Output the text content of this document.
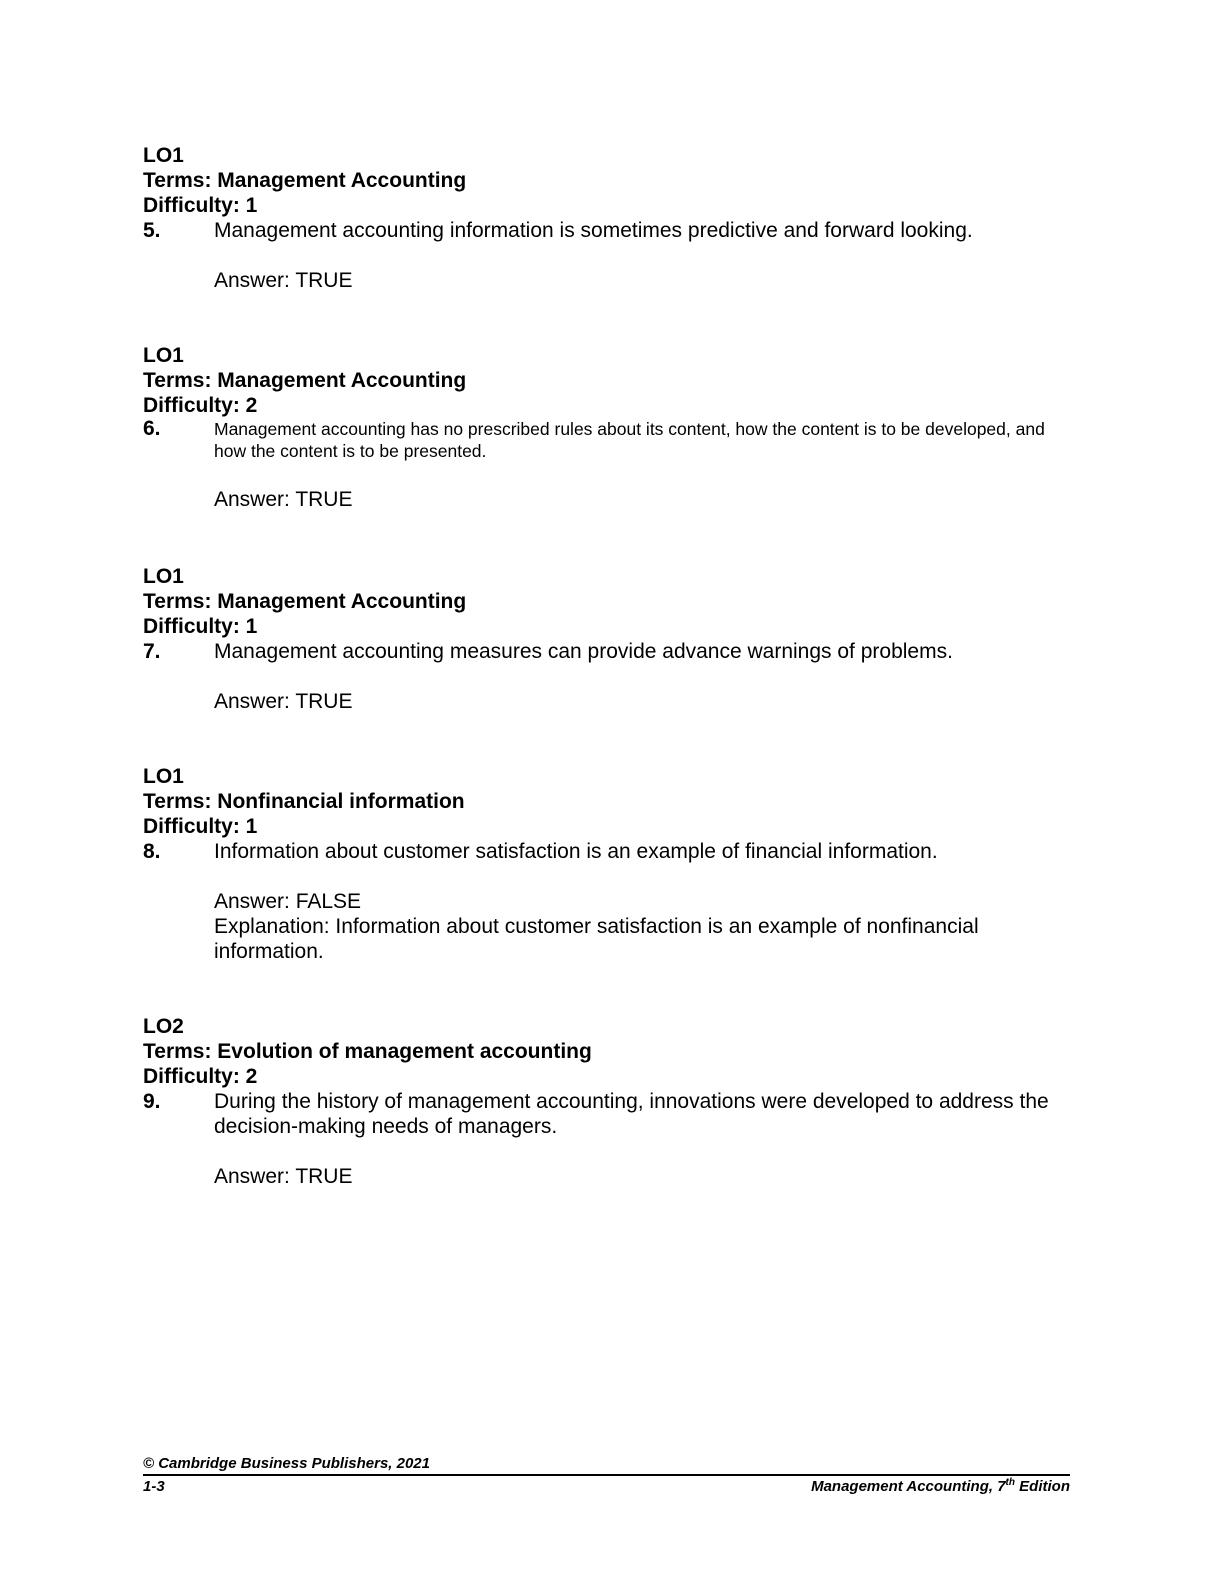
LO1
Terms: Management Accounting
Difficulty: 1
5.	Management accounting information is sometimes predictive and forward looking.
Answer: TRUE
LO1
Terms: Management Accounting
Difficulty: 2
6.	Management accounting has no prescribed rules about its content, how the content is to be developed, and how the content is to be presented.
Answer: TRUE
LO1
Terms: Management Accounting
Difficulty: 1
7.	Management accounting measures can provide advance warnings of problems.
Answer: TRUE
LO1
Terms: Nonfinancial information
Difficulty: 1
8.	Information about customer satisfaction is an example of financial information.
Answer: FALSE
Explanation: Information about customer satisfaction is an example of nonfinancial information.
LO2
Terms: Evolution of management accounting
Difficulty: 2
9.	During the history of management accounting, innovations were developed to address the decision-making needs of managers.
Answer: TRUE
© Cambridge Business Publishers, 2021
1-3	Management Accounting, 7th Edition
